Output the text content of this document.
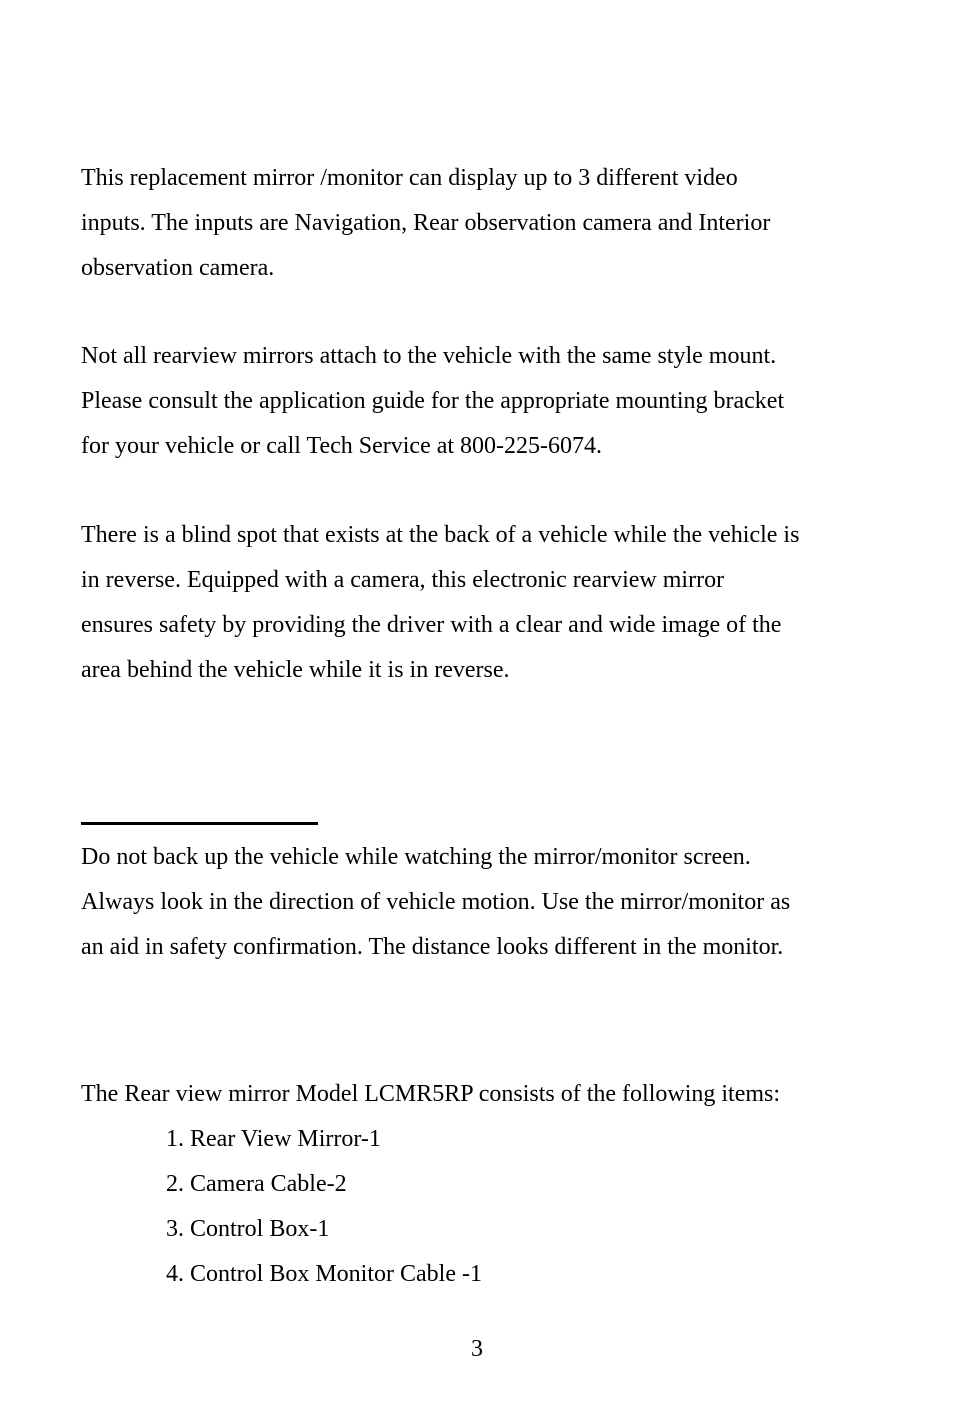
This replacement mirror /monitor can display up to 3 different video
inputs. The inputs are Navigation, Rear observation camera and Interior
observation camera.

Not all rearview mirrors attach to the vehicle with the same style mount.
Please consult the application guide for the appropriate mounting bracket
for your vehicle or call Tech Service at 800-225-6074.

There is a blind spot that exists at the back of a vehicle while the vehicle is
in reverse. Equipped with a camera, this electronic rearview mirror
ensures safety by providing the driver with a clear and wide image of the
area behind the vehicle while it is in reverse.

Do not back up the vehicle while watching the mirror/monitor screen.
Always look in the direction of vehicle motion. Use the mirror/monitor as
an aid in safety confirmation. The distance looks different in the monitor.

The Rear view mirror Model LCMR5RP consists of the following items:

1. Rear View Mirror-1
2. Camera Cable-2
3. Control Box-1
4. Control Box Monitor Cable -1
3
